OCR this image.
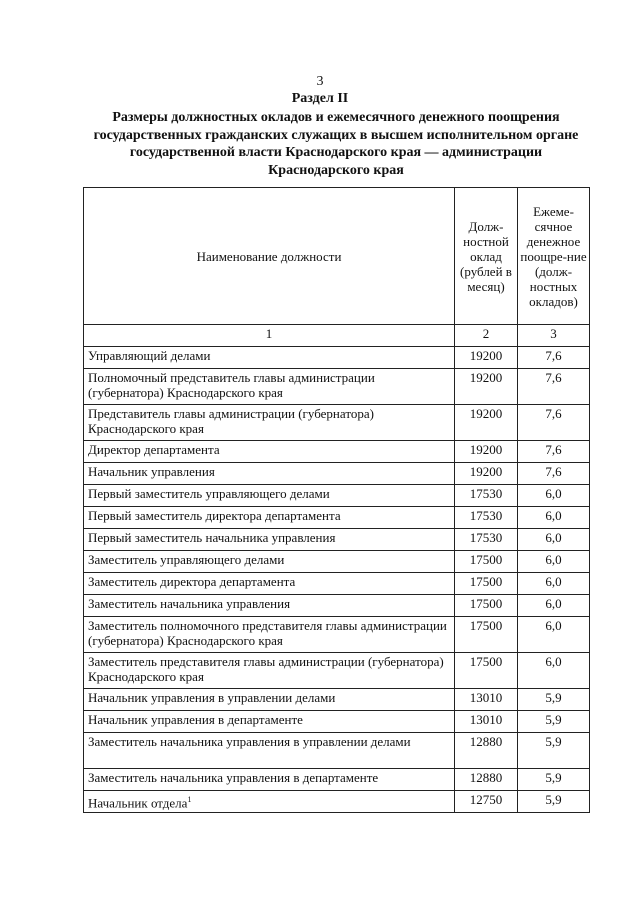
3
Раздел II
Размеры должностных окладов и ежемесячного денежного поощрения государственных гражданских служащих в высшем исполнительном органе государственной власти Краснодарского края — администрации Краснодарского края
Наименование должности	Долж-ностной оклад (рублей в месяц)	Ежеме-сячное денежное поощре-ние (долж-ностных окладов)
1	2	3
Управляющий делами	19200	7,6
Полномочный представитель главы администрации (губернатора) Краснодарского края	19200	7,6
Представитель главы администрации (губернатора) Краснодарского края	19200	7,6
Директор департамента	19200	7,6
Начальник управления	19200	7,6
Первый заместитель управляющего делами	17530	6,0
Первый заместитель директора департамента	17530	6,0
Первый заместитель начальника управления	17530	6,0
Заместитель управляющего делами	17500	6,0
Заместитель директора департамента	17500	6,0
Заместитель начальника управления	17500	6,0
Заместитель полномочного представителя главы администрации (губернатора) Краснодарского края	17500	6,0
Заместитель представителя главы администрации (губернатора) Краснодарского края	17500	6,0
Начальник управления в управлении делами	13010	5,9
Начальник управления в департаменте	13010	5,9
Заместитель начальника управления в управлении делами	12880	5,9
Заместитель начальника управления в департаменте	12880	5,9
Начальник отдела$^1$	12750	5,9
